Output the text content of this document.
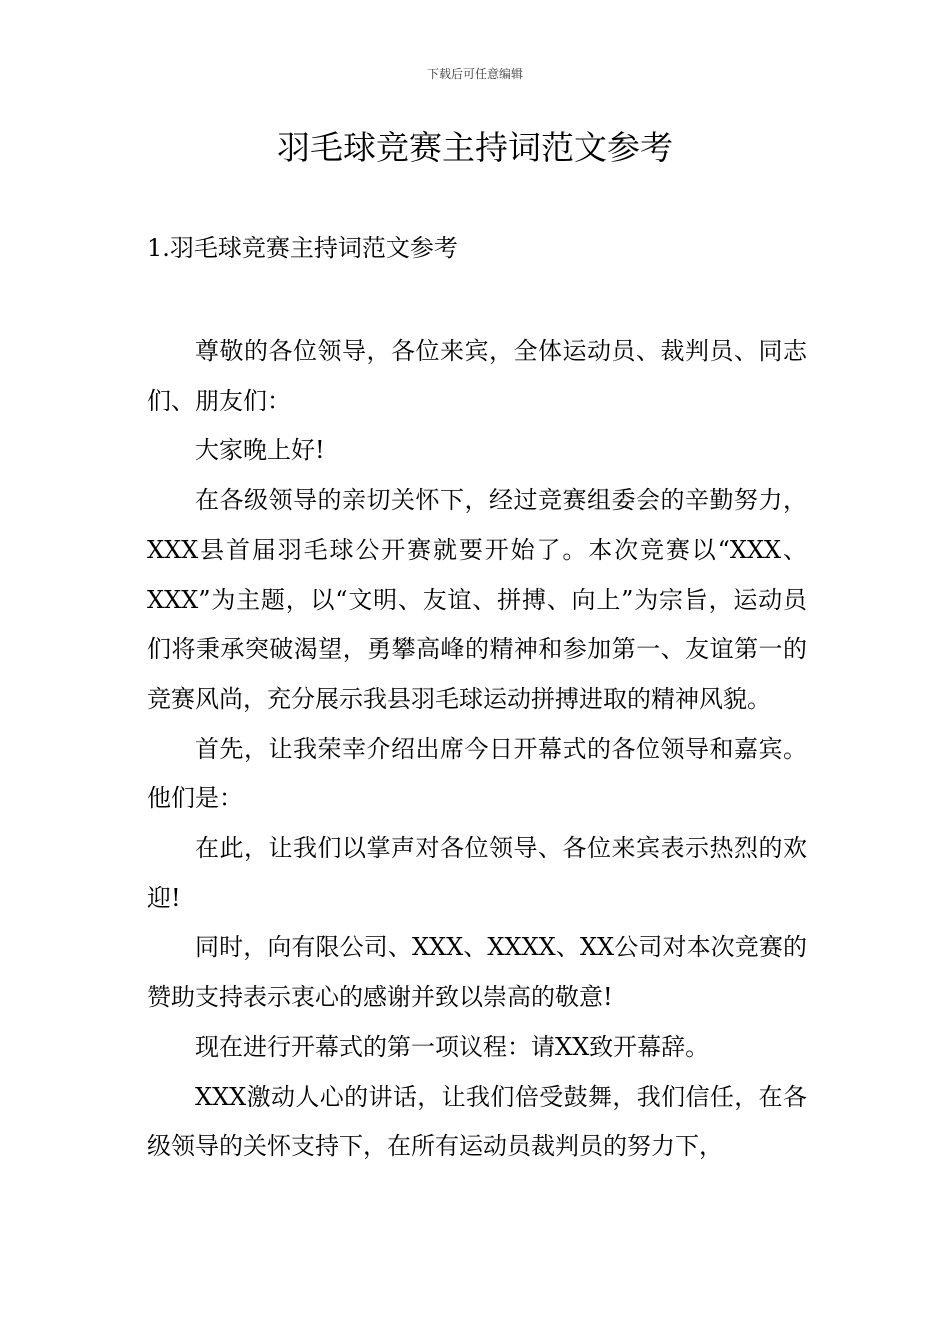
下载后可任意编辑
羽毛球竞赛主持词范文参考
1.羽毛球竞赛主持词范文参考

尊敬的各位领导，各位来宾，全体运动员、裁判员、同志们、朋友们：

大家晚上好!

在各级领导的亲切关怀下，经过竞赛组委会的辛勤努力，XXX县首届羽毛球公开赛就要开始了。本次竞赛以“XXX、XXX”为主题，以“文明、友谊、拼搏、向上”为宗旨，运动员们将秉承突破渴望，勇攀高峰的精神和参加第一、友谊第一的竞赛风尚，充分展示我县羽毛球运动拼搏进取的精神风貌。

首先，让我荣幸介绍出席今日开幕式的各位领导和嘉宾。他们是：

在此，让我们以掌声对各位领导、各位来宾表示热烈的欢迎!

同时，向有限公司、XXX、XXXX、XX公司对本次竞赛的赞助支持表示衷心的感谢并致以崇高的敬意!

现在进行开幕式的第一项议程：请XX致开幕辞。

XXX激动人心的讲话，让我们倍受鼓舞，我们信任，在各级领导的关怀支持下，在所有运动员裁判员的努力下，
